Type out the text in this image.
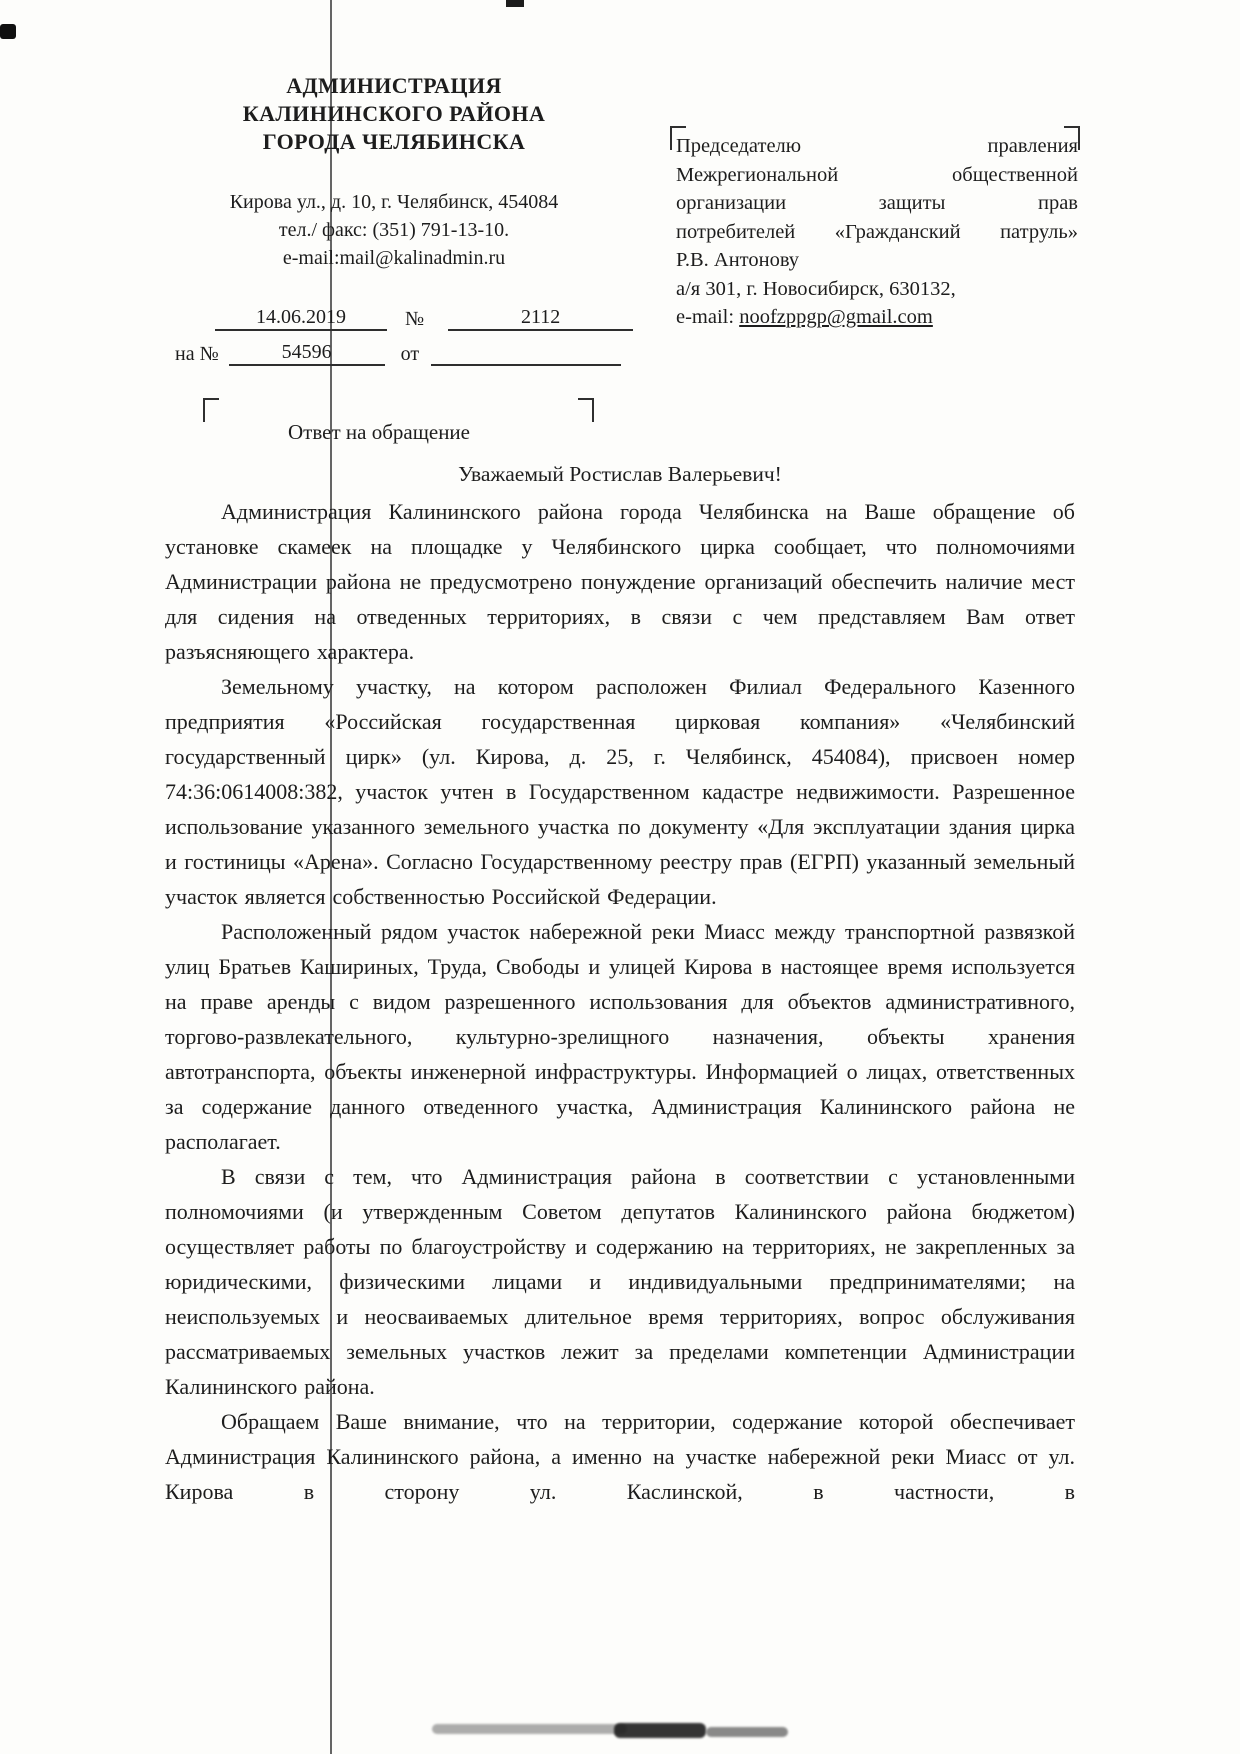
АДМИНИСТРАЦИЯ
КАЛИНИНСКОГО РАЙОНА
ГОРОДА ЧЕЛЯБИНСКА
Кирова ул., д. 10, г. Челябинск, 454084
тел./ факс: (351) 791-13-10.
e-mail:mail@kalinadmin.ru
14.06.2019	№	2112
на №	54596	от
Председателю правления
Межрегиональной общественной
организации защиты прав
потребителей «Гражданский патруль»
Р.В. Антонову
а/я 301, г. Новосибирск, 630132,
e-mail: noofzppgp@gmail.com
Ответ на обращение
Уважаемый Ростислав Валерьевич!

Администрация Калининского района города Челябинска на Ваше обращение об установке скамеек на площадке у Челябинского цирка сообщает, что полномочиями Администрации района не предусмотрено понуждение организаций обеспечить наличие мест для сидения на отведенных территориях, в связи с чем представляем Вам ответ разъясняющего характера.

Земельному участку, на котором расположен Филиал Федерального Казенного предприятия «Российская государственная цирковая компания» «Челябинский государственный цирк» (ул. Кирова, д. 25, г. Челябинск, 454084), присвоен номер 74:36:0614008:382, участок учтен в Государственном кадастре недвижимости. Разрешенное использование указанного земельного участка по документу «Для эксплуатации здания цирка и гостиницы «Арена». Согласно Государственному реестру прав (ЕГРП) указанный земельный участок является собственностью Российской Федерации.

Расположенный рядом участок набережной реки Миасс между транспортной развязкой улиц Братьев Кашириных, Труда, Свободы и улицей Кирова в настоящее время используется на праве аренды с видом разрешенного использования для объектов административного, торгово-развлекательного, культурно-зрелищного назначения, объекты хранения автотранспорта, объекты инженерной инфраструктуры. Информацией о лицах, ответственных за содержание данного отведенного участка, Администрация Калининского района не располагает.

В связи с тем, что Администрация района в соответствии с установленными полномочиями (и утвержденным Советом депутатов Калининского района бюджетом) осуществляет работы по благоустройству и содержанию на территориях, не закрепленных за юридическими, физическими лицами и индивидуальными предпринимателями; на неиспользуемых и неосваиваемых длительное время территориях, вопрос обслуживания рассматриваемых земельных участков лежит за пределами компетенции Администрации Калининского района.

Обращаем Ваше внимание, что на территории, содержание которой обеспечивает Администрация Калининского района, а именно на участке набережной реки Миасс от ул. Кирова в сторону ул. Каслинской, в частности, в
